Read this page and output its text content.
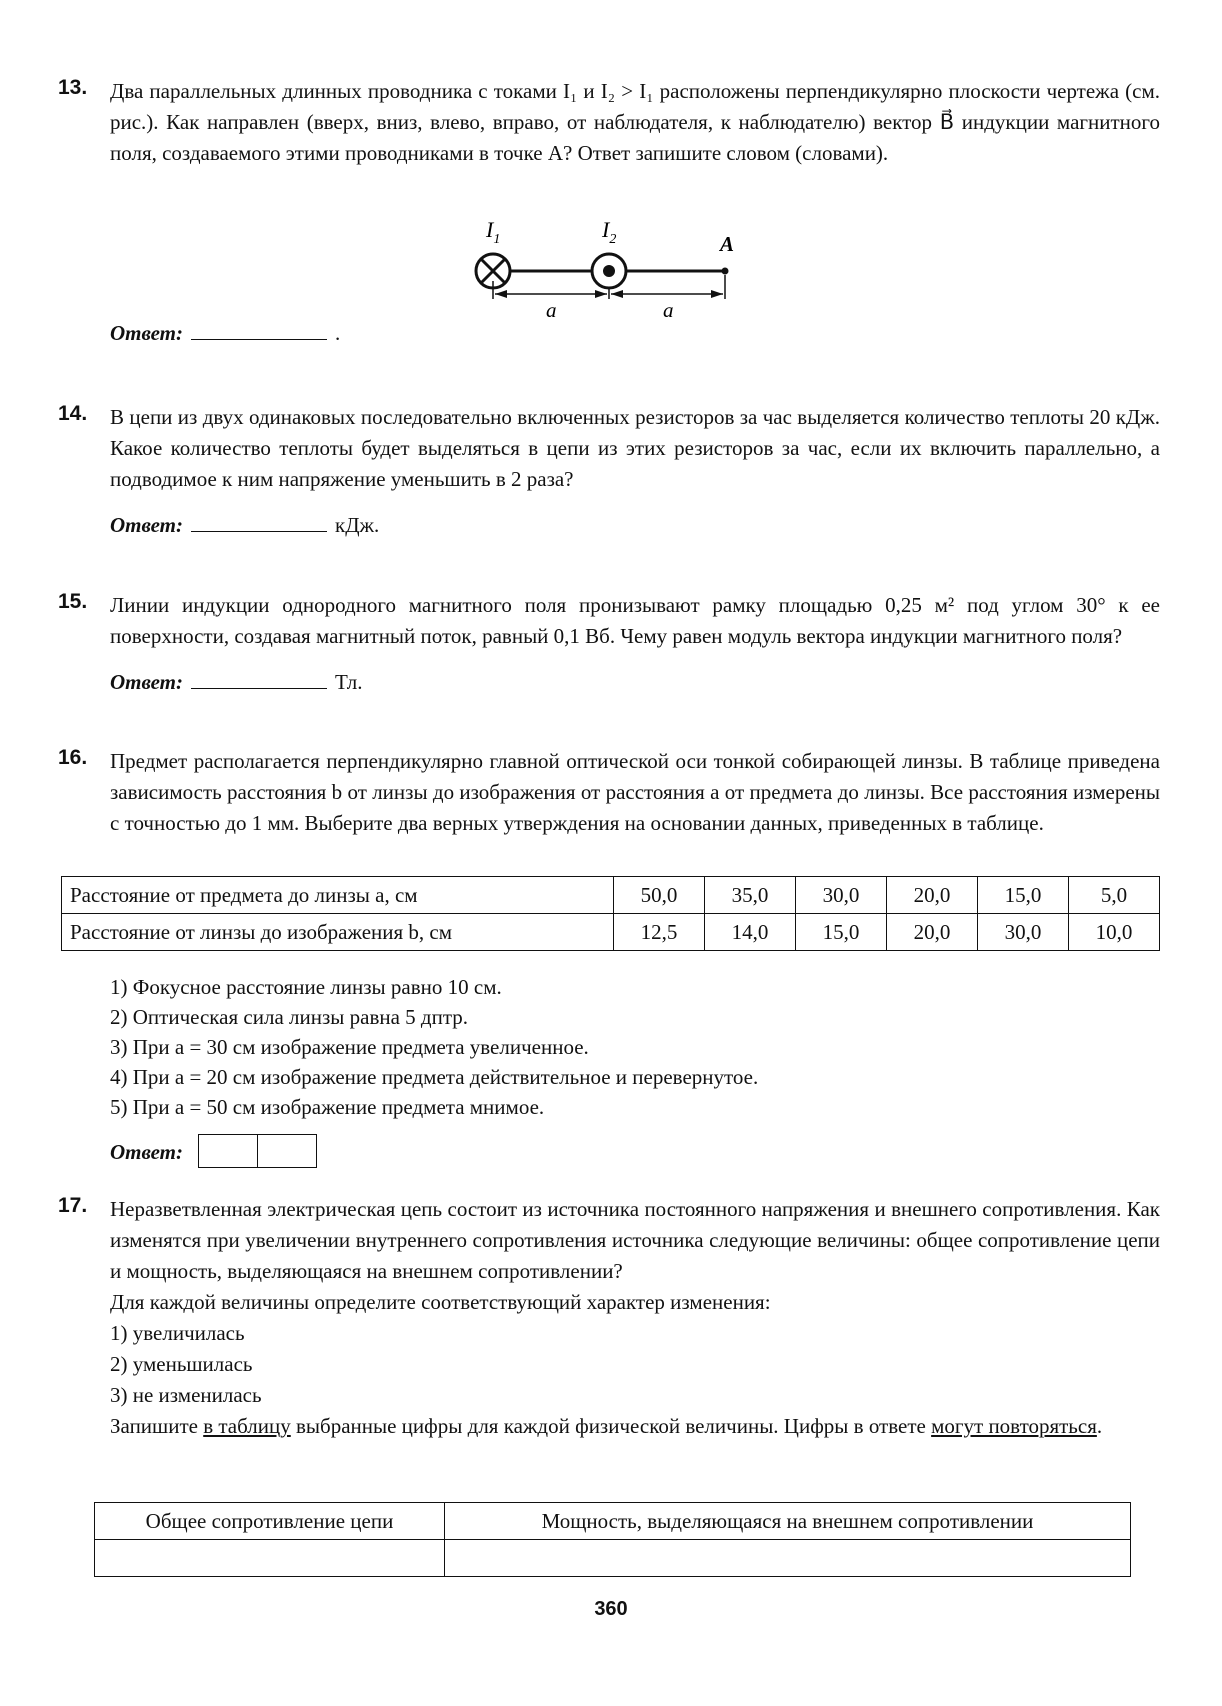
13. Два параллельных длинных проводника с токами I₁ и I₂ > I₁ расположены перпендикулярно плоскости чертежа (см. рис.). Как направлен (вверх, вниз, влево, вправо, от наблюдателя, к наблюдателю) вектор B⃗ индукции магнитного поля, создаваемого этими проводниками в точке A? Ответ запишите словом (словами).
Ответ:	.
$I_1$	$I_2$	A
a	a
14. В цепи из двух одинаковых последовательно включенных резисторов за час выделяется количество теплоты 20 кДж. Какое количество теплоты будет выделяться в цепи из этих резисторов за час, если их включить параллельно, а подводимое к ним напряжение уменьшить в 2 раза?
Ответ:	кДж.
15. Линии индукции однородного магнитного поля пронизывают рамку площадью 0,25 м² под углом 30° к ее поверхности, создавая магнитный поток, равный 0,1 Вб. Чему равен модуль вектора индукции магнитного поля?
Ответ:	Тл.
16. Предмет располагается перпендикулярно главной оптической оси тонкой собирающей линзы. В таблице приведена зависимость расстояния b от линзы до изображения от расстояния a от предмета до линзы. Все расстояния измерены с точностью до 1 мм. Выберите два верных утверждения на основании данных, приведенных в таблице.
Расстояние от предмета до линзы a, см	50,0	35,0	30,0	20,0	15,0	5,0
Расстояние от линзы до изображения b, см	12,5	14,0	15,0	20,0	30,0	10,0
1) Фокусное расстояние линзы равно 10 см.
2) Оптическая сила линзы равна 5 дптр.
3) При a = 30 см изображение предмета увеличенное.
4) При a = 20 см изображение предмета действительное и перевернутое.
5) При a = 50 см изображение предмета мнимое.
Ответ:
17. Неразветвленная электрическая цепь состоит из источника постоянного напряжения и внешнего сопротивления. Как изменятся при увеличении внутреннего сопротивления источника следующие величины: общее сопротивление цепи и мощность, выделяющаяся на внешнем сопротивлении?
Для каждой величины определите соответствующий характер изменения:
1) увеличилась
2) уменьшилась
3) не изменилась
Запишите в таблицу выбранные цифры для каждой физической величины. Цифры в ответе могут повторяться.
Общее сопротивление цепи	Мощность, выделяющаяся на внешнем сопротивлении

360
